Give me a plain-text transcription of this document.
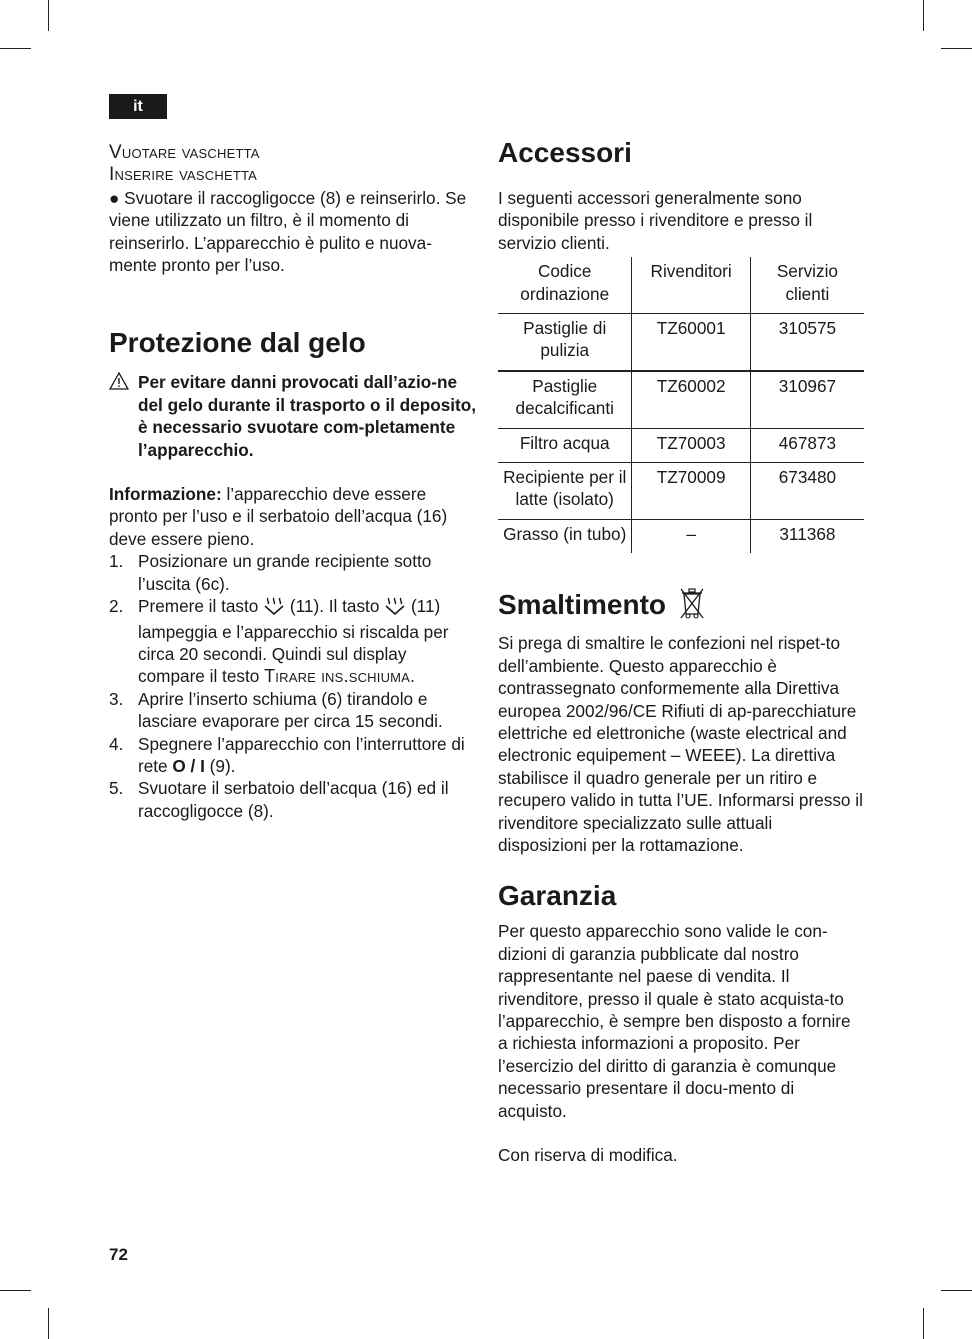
it
Vuotare vaschetta
Inserire vaschetta

● Svuotare il raccogligocce (8) e reinserirlo. Se viene utilizzato un filtro, è il momento di reinserirlo. L’apparecchio è pulito e nuova-mente pronto per l’uso.

Protezione dal gelo
Per evitare danni provocati dall’azio-ne del gelo durante il trasporto o il deposito, è necessario svuotare com-pletamente l’apparecchio.

Informazione: l’apparecchio deve essere pronto per l’uso e il serbatoio dell’acqua (16) deve essere pieno.

1. Posizionare un grande recipiente sotto l’uscita (6c).
2. Premere il tasto  (11). Il tasto  (11) lampeggia e l’apparecchio si riscalda per circa 20 secondi. Quindi sul display compare il testo Tirare ins.schiuma.
3. Aprire l’inserto schiuma (6) tirandolo e lasciare evaporare per circa 15 secondi.
4. Spegnere l’apparecchio con l’interruttore di rete O / I (9).
5. Svuotare il serbatoio dell’acqua (16) ed il raccogligocce (8).
Accessori

I seguenti accessori generalmente sono disponibile presso i rivenditore e presso il servizio clienti.

Codice ordinazione	Rivenditori	Servizio clienti
Pastiglie di pulizia	TZ60001	310575
Pastiglie decalcificanti	TZ60002	310967
Filtro acqua	TZ70003	467873
Recipiente per il latte (isolato)	TZ70009	673480
Grasso (in tubo)	–	311368
Smaltimento

Si prega di smaltire le confezioni nel rispet-to dell’ambiente. Questo apparecchio è contrassegnato conformemente alla Direttiva europea 2002/96/CE Rifiuti di ap-parecchiature elettriche ed elettroniche (waste electrical and electronic equipement – WEEE). La direttiva stabilisce il quadro generale per un ritiro e recupero valido in tutta l’UE. Informarsi presso il rivenditore specializzato sulle attuali disposizioni per la rottamazione.

Garanzia

Per questo apparecchio sono valide le con-dizioni di garanzia pubblicate dal nostro rappresentante nel paese di vendita. Il rivenditore, presso il quale è stato acquista-to l’apparecchio, è sempre ben disposto a fornire a richiesta informazioni a proposito. Per l’esercizio del diritto di garanzia è comunque necessario presentare il docu-mento di acquisto.

Con riserva di modifica.

72
